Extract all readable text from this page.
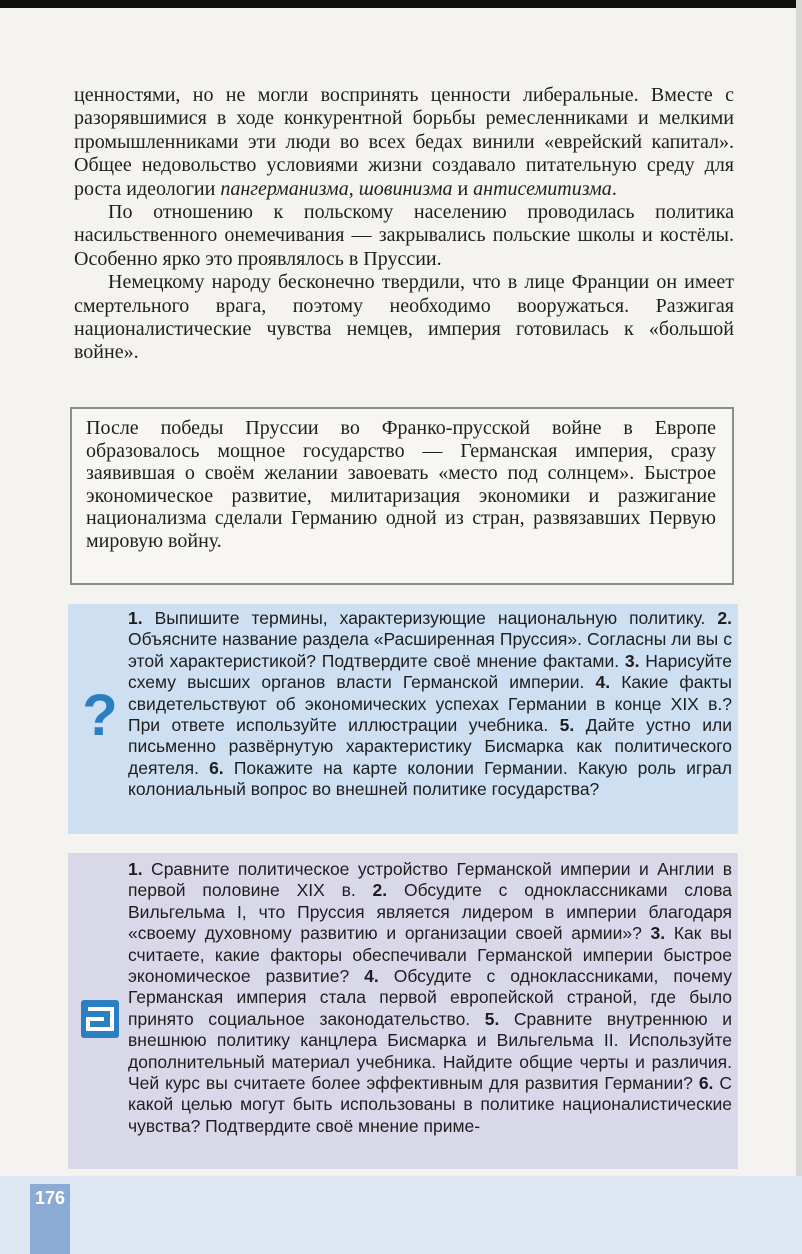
ценностями, но не могли воспринять ценности либеральные. Вместе с разорявшимися в ходе конкурентной борьбы ремесленниками и мелкими промышленниками эти люди во всех бедах винили «еврейский капитал». Общее недовольство условиями жизни создавало питательную среду для роста идеологии пангерманизма, шовинизма и антисемитизма.

По отношению к польскому населению проводилась политика насильственного онемечивания — закрывались польские школы и костёлы. Особенно ярко это проявлялось в Пруссии.

Немецкому народу бесконечно твердили, что в лице Франции он имеет смертельного врага, поэтому необходимо вооружаться. Разжигая националистические чувства немцев, империя готовилась к «большой войне».

После победы Пруссии во Франко-прусской войне в Европе образовалось мощное государство — Германская империя, сразу заявившая о своём желании завоевать «место под солнцем». Быстрое экономическое развитие, милитаризация экономики и разжигание национализма сделали Германию одной из стран, развязавших Первую мировую войну.
?
1. Выпишите термины, характеризующие национальную политику. 2. Объясните название раздела «Расширенная Пруссия». Согласны ли вы с этой характеристикой? Подтвердите своё мнение фактами. 3. Нарисуйте схему высших органов власти Германской империи. 4. Какие факты свидетельствуют об экономических успехах Германии в конце XIX в.? При ответе используйте иллюстрации учебника. 5. Дайте устно или письменно развёрнутую характеристику Бисмарка как политического деятеля. 6. Покажите на карте колонии Германии. Какую роль играл колониальный вопрос во внешней политике государства?
1. Сравните политическое устройство Германской империи и Англии в первой половине XIX в. 2. Обсудите с одноклассниками слова Вильгельма I, что Пруссия является лидером в империи благодаря «своему духовному развитию и организации своей армии»? 3. Как вы считаете, какие факторы обеспечивали Германской империи быстрое экономическое развитие? 4. Обсудите с одноклассниками, почему Германская империя стала первой европейской страной, где было принято социальное законодательство. 5. Сравните внутреннюю и внешнюю политику канцлера Бисмарка и Вильгельма II. Используйте дополнительный материал учебника. Найдите общие черты и различия. Чей курс вы считаете более эффективным для развития Германии? 6. С какой целью могут быть использованы в политике националистические чувства? Подтвердите своё мнение приме-
176
